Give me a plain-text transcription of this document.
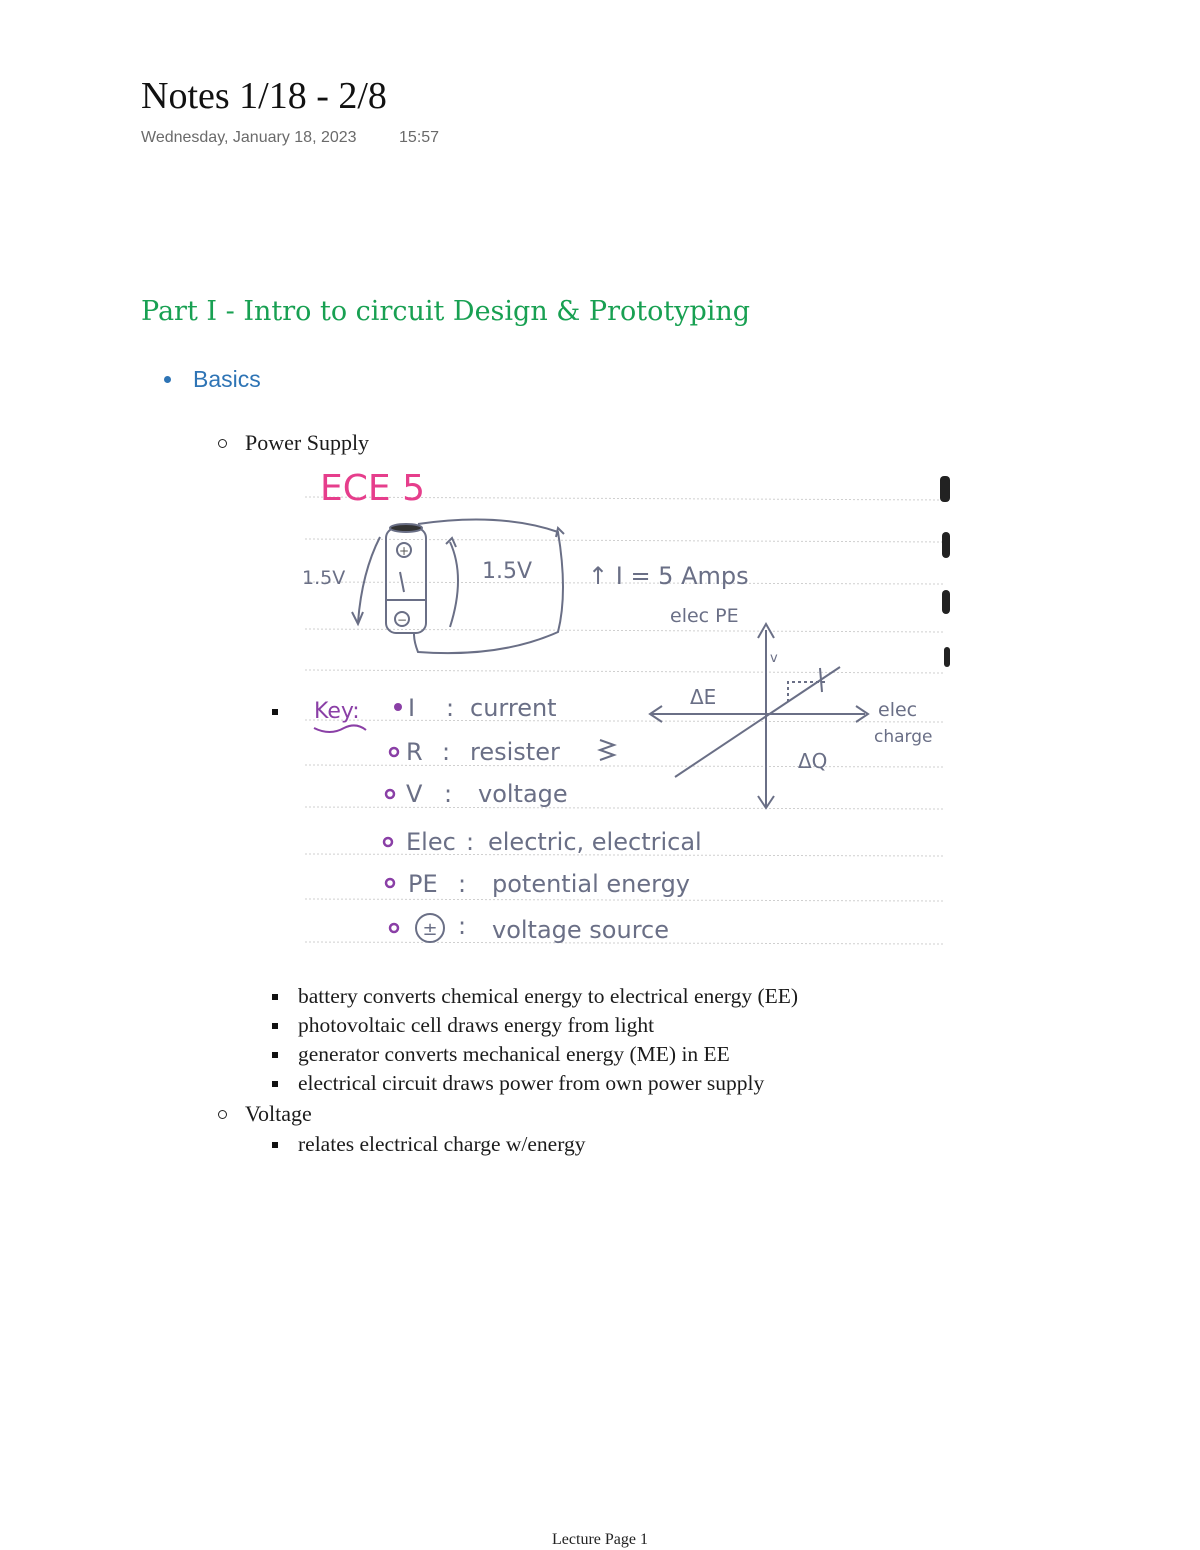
Notes 1/18 - 2/8
Wednesday, January 18, 2023	15:57
Part I - Intro to circuit Design & Prototyping
Basics
Power Supply
ECE 5
+
−
1.5V	1.5V ↑ I = 5 Amps
elec PE
v
ΔE
ΔQ
elec
charge
Key: I : current
R : resister
V : voltage
Elec : electric, electrical
PE : potential energy
± : voltage source
battery converts chemical energy to electrical energy (EE)
photovoltaic cell draws energy from light
generator converts mechanical energy (ME) in EE
electrical circuit draws power from own power supply
Voltage
relates electrical charge w/energy
Lecture Page 1
